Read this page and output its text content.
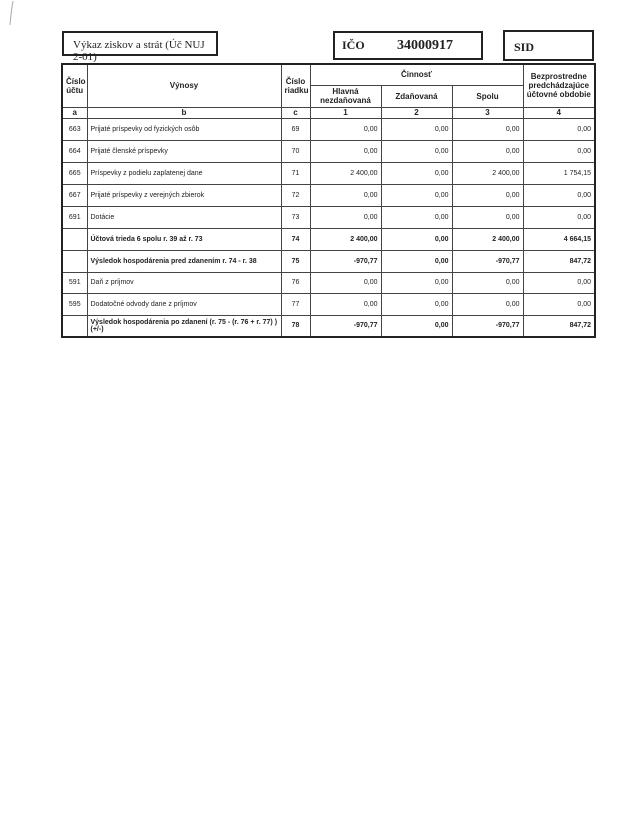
Výkaz ziskov a strát (Úč NUJ 2-01)
IČO 34000917	SID
Číslo účtu	Výnosy	Číslo riadku	Činnosť			Bezprostredne predchádzajúce účtovné obdobie
			Hlavná nezdaňovaná	Zdaňovaná	Spolu	
a	b	c	1	2	3	4
663	Prijaté príspevky od fyzických osôb	69	0,00	0,00	0,00	0,00
664	Prijaté členské príspevky	70	0,00	0,00	0,00	0,00
665	Príspevky z podielu zaplatenej dane	71	2 400,00	0,00	2 400,00	1 754,15
667	Prijaté príspevky z verejných zbierok	72	0,00	0,00	0,00	0,00
691	Dotácie	73	0,00	0,00	0,00	0,00
	Účtová trieda 6 spolu r. 39 až r. 73	74	2 400,00	0,00	2 400,00	4 664,15
	Výsledok hospodárenia pred zdanením r. 74 - r. 38	75	-970,77	0,00	-970,77	847,72
591	Daň z príjmov	76	0,00	0,00	0,00	0,00
595	Dodatočné odvody dane z príjmov	77	0,00	0,00	0,00	0,00
	Výsledok hospodárenia po zdanení (r. 75 - (r. 76 + r. 77) ) (+/-)	78	-970,77	0,00	-970,77	847,72
